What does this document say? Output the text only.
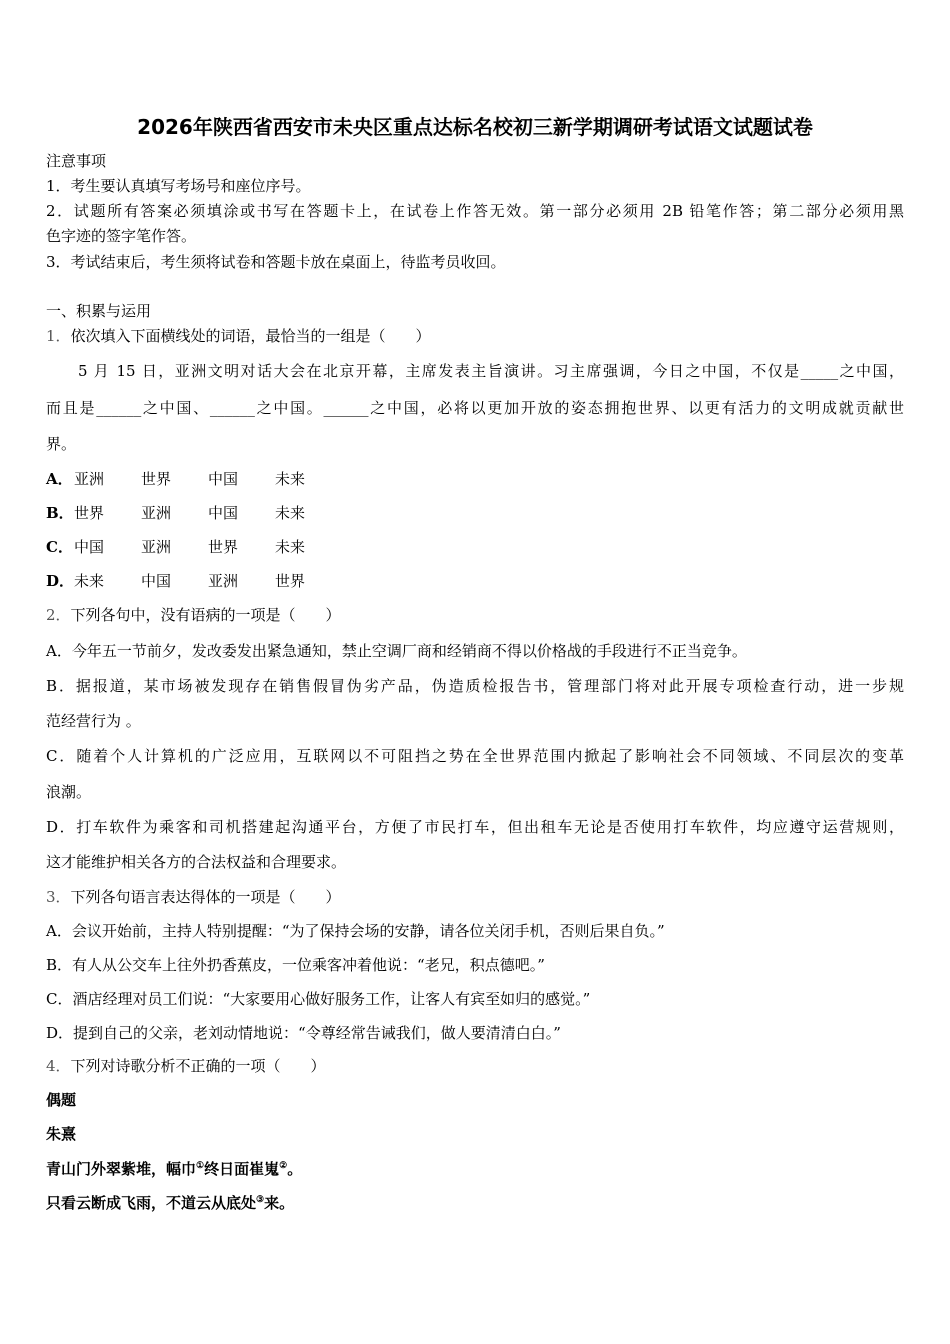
2026年陕西省西安市未央区重点达标名校初三新学期调研考试语文试题试卷
注意事项
1．考生要认真填写考场号和座位序号。
2．试题所有答案必须填涂或书写在答题卡上，在试卷上作答无效。第一部分必须用 2B 铅笔作答；第二部分必须用黑
色字迹的签字笔作答。
3．考试结束后，考生须将试卷和答题卡放在桌面上，待监考员收回。
一、积累与运用
1．依次填入下面横线处的词语，最恰当的一组是（　　）
5 月 15 日，亚洲文明对话大会在北京开幕，主席发表主旨演讲。习主席强调，今日之中国，不仅是_____之中国，
而且是______之中国、______之中国。______之中国，必将以更加开放的姿态拥抱世界、以更有活力的文明成就贡献世
界。
A．亚洲 世界 中国 未来
B．世界 亚洲 中国 未来
C．中国 亚洲 世界 未来
D．未来 中国 亚洲 世界
2．下列各句中，没有语病的一项是（　　）
A．今年五一节前夕，发改委发出紧急通知，禁止空调厂商和经销商不得以价格战的手段进行不正当竞争。
B．据报道，某市场被发现存在销售假冒伪劣产品，伪造质检报告书，管理部门将对此开展专项检查行动，进一步规
范经营行为 。
C．随着个人计算机的广泛应用，互联网以不可阻挡之势在全世界范围内掀起了影响社会不同领域、不同层次的变革
浪潮。
D．打车软件为乘客和司机搭建起沟通平台，方便了市民打车，但出租车无论是否使用打车软件，均应遵守运营规则，
这才能维护相关各方的合法权益和合理要求。
3．下列各句语言表达得体的一项是（　　）
A．会议开始前，主持人特别提醒：“为了保持会场的安静，请各位关闭手机，否则后果自负。”
B．有人从公交车上往外扔香蕉皮，一位乘客冲着他说：“老兄，积点德吧。”
C．酒店经理对员工们说：“大家要用心做好服务工作，让客人有宾至如归的感觉。”
D．提到自己的父亲，老刘动情地说：“令尊经常告诫我们，做人要清清白白。”
4．下列对诗歌分析不正确的一项（　　）
偶题
朱熹
青山门外翠紫堆，幅巾①终日面崔嵬②。
只看云断成飞雨，不道云从底处③来。
